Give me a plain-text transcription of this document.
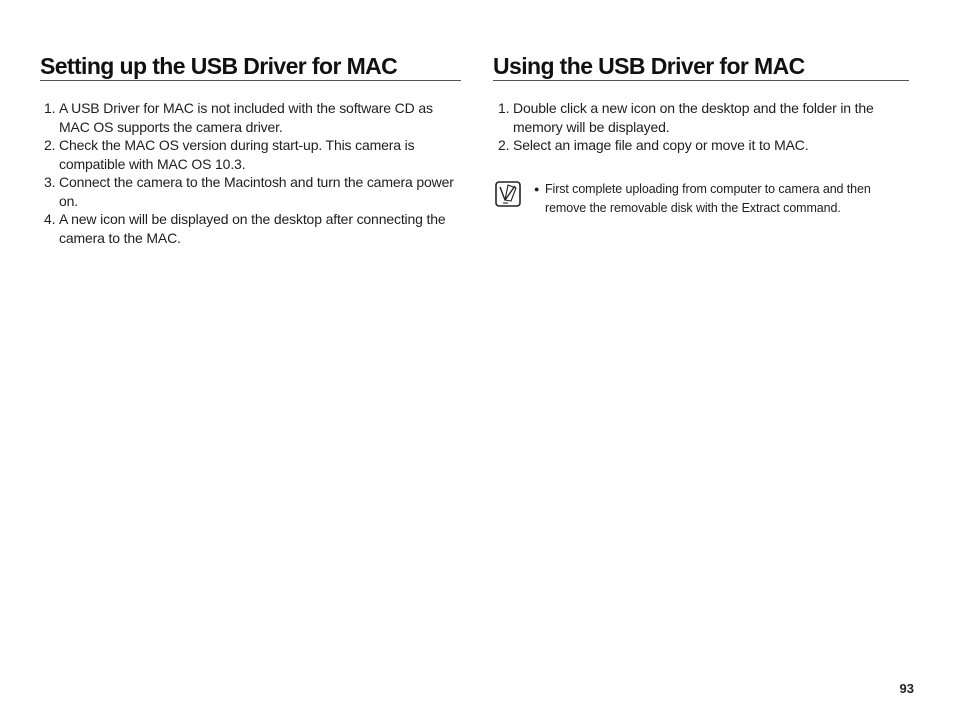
Setting up the USB Driver for MAC
1. A USB Driver for MAC is not included with the software CD as MAC OS supports the camera driver.
2. Check the MAC OS version during start-up. This camera is compatible with MAC OS 10.3.
3. Connect the camera to the Macintosh and turn the camera power on.
4. A new icon will be displayed on the desktop after connecting the camera to the MAC.
Using the USB Driver for MAC
1. Double click a new icon on the desktop and the folder in the memory will be displayed.
2. Select an image file and copy or move it to MAC.
● First complete uploading from computer to camera and then remove the removable disk with the Extract command.
93
